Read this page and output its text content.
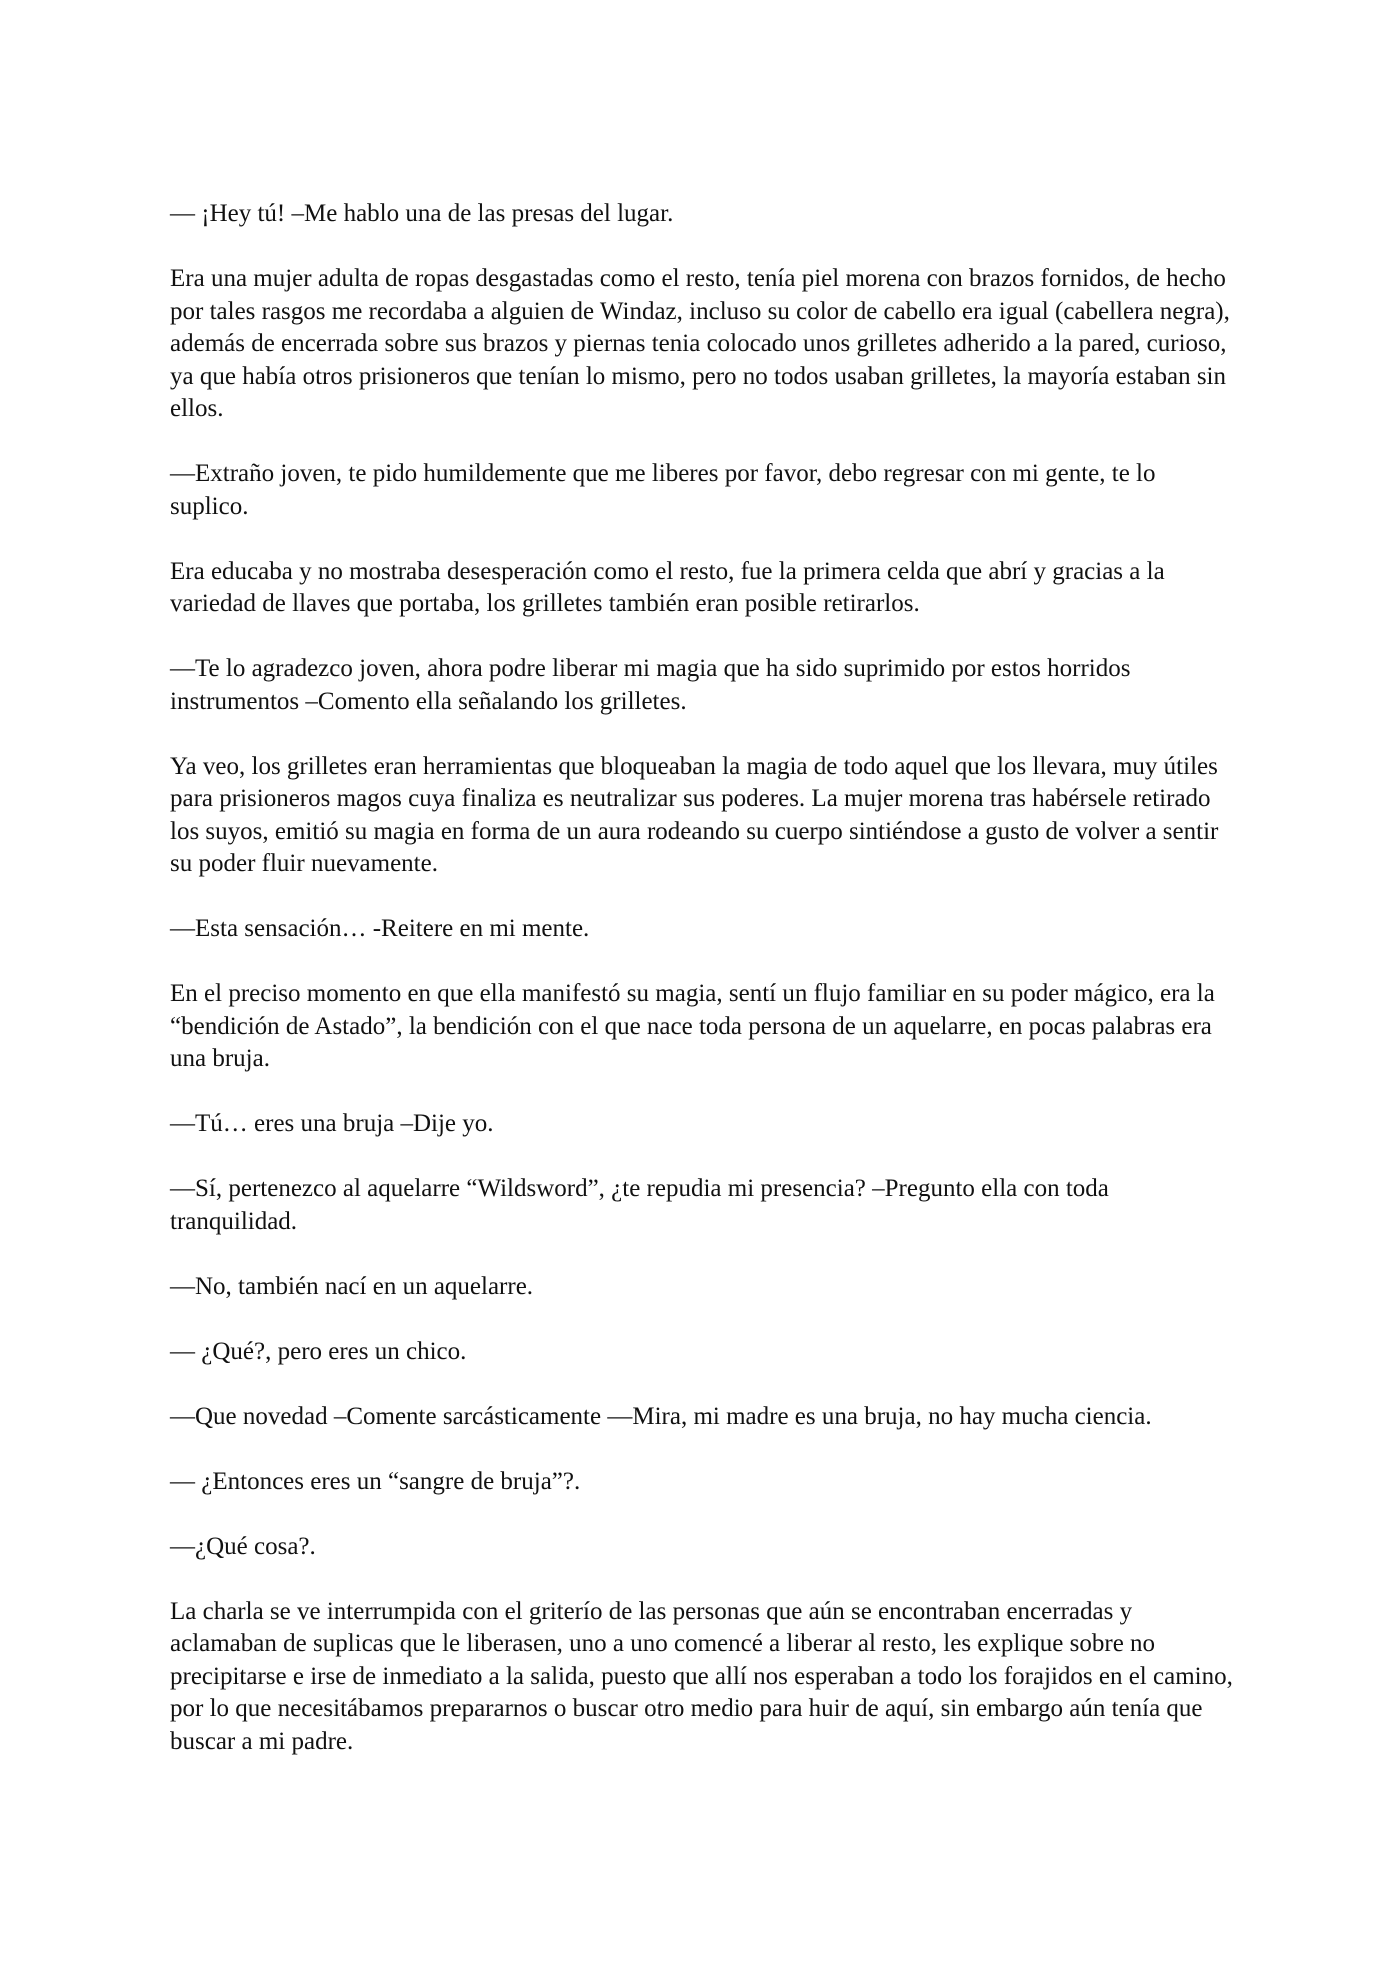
— ¡Hey tú! –Me hablo una de las presas del lugar.

Era una mujer adulta de ropas desgastadas como el resto, tenía piel morena con brazos fornidos, de hecho por tales rasgos me recordaba a alguien de Windaz, incluso su color de cabello era igual (cabellera negra), además de encerrada sobre sus brazos y piernas tenia colocado unos grilletes adherido a la pared, curioso, ya que había otros prisioneros que tenían lo mismo, pero no todos usaban grilletes, la mayoría estaban sin ellos.

—Extraño joven, te pido humildemente que me liberes por favor, debo regresar con mi gente, te lo suplico.

Era educaba y no mostraba desesperación como el resto, fue la primera celda que abrí y gracias a la variedad de llaves que portaba, los grilletes también eran posible retirarlos.

—Te lo agradezco joven, ahora podre liberar mi magia que ha sido suprimido por estos horridos instrumentos –Comento ella señalando los grilletes.

Ya veo, los grilletes eran herramientas que bloqueaban la magia de todo aquel que los llevara, muy útiles para prisioneros magos cuya finaliza es neutralizar sus poderes. La mujer morena tras habérsele retirado los suyos, emitió su magia en forma de un aura rodeando su cuerpo sintiéndose a gusto de volver a sentir su poder fluir nuevamente.

—Esta sensación… -Reitere en mi mente.

En el preciso momento en que ella manifestó su magia, sentí un flujo familiar en su poder mágico, era la “bendición de Astado”, la bendición con el que nace toda persona de un aquelarre, en pocas palabras era una bruja.

—Tú… eres una bruja –Dije yo.

—Sí, pertenezco al aquelarre “Wildsword”, ¿te repudia mi presencia? –Pregunto ella con toda tranquilidad.

—No, también nací en un aquelarre.

— ¿Qué?, pero eres un chico.

—Que novedad –Comente sarcásticamente —Mira, mi madre es una bruja, no hay mucha ciencia.

— ¿Entonces eres un “sangre de bruja”?.

—¿Qué cosa?.

La charla se ve interrumpida con el griterío de las personas que aún se encontraban encerradas y aclamaban de suplicas que le liberasen, uno a uno comencé a liberar al resto, les explique sobre no precipitarse e irse de inmediato a la salida, puesto que allí nos esperaban a todo los forajidos en el camino, por lo que necesitábamos prepararnos o buscar otro medio para huir de aquí, sin embargo aún tenía que buscar a mi padre.
